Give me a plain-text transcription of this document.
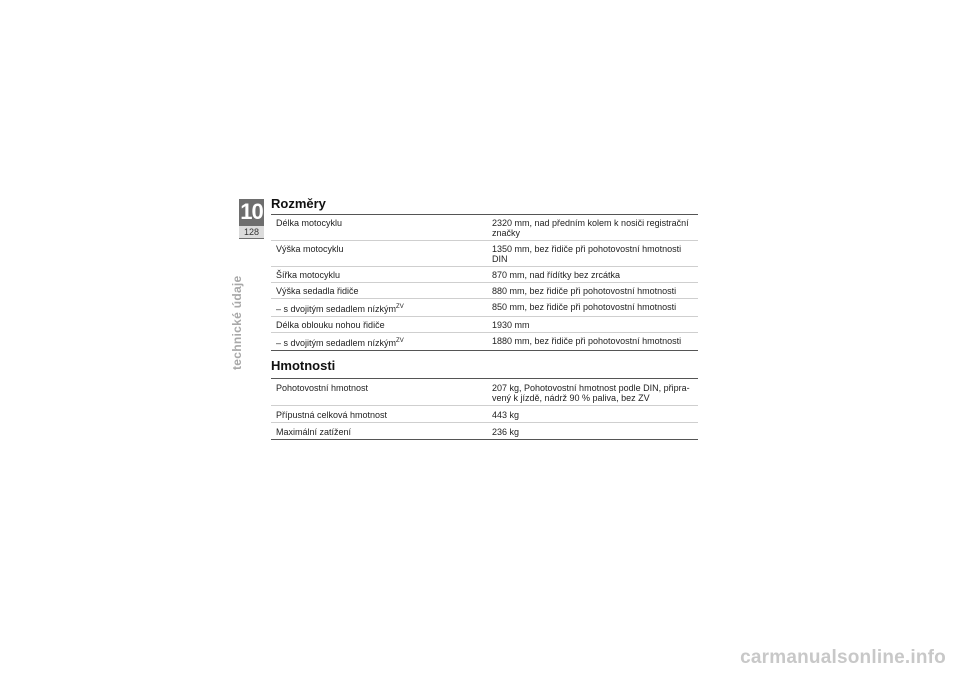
10
128
technické údaje
Rozměry
Délka motocyklu	2320 mm, nad předním kolem k nosiči registrační značky
Výška motocyklu	1350 mm, bez řidiče při pohotovostní hmotnosti DIN
Šířka motocyklu	870 mm, nad řídítky bez zrcátka
Výška sedadla řidiče	880 mm, bez řidiče při pohotovostní hmotnosti
– s dvojitým sedadlem nízkým$^{ZV}$	850 mm, bez řidiče při pohotovostní hmotnosti
Délka oblouku nohou řidiče	1930 mm
– s dvojitým sedadlem nízkým$^{ZV}$	1880 mm, bez řidiče při pohotovostní hmotnosti
Hmotnosti
Pohotovostní hmotnost	207 kg, Pohotovostní hmotnost podle DIN, připra- vený k jízdě, nádrž 90 % paliva, bez ZV
Přípustná celková hmotnost	443 kg
Maximální zatížení	236 kg
carmanualsonline.info
